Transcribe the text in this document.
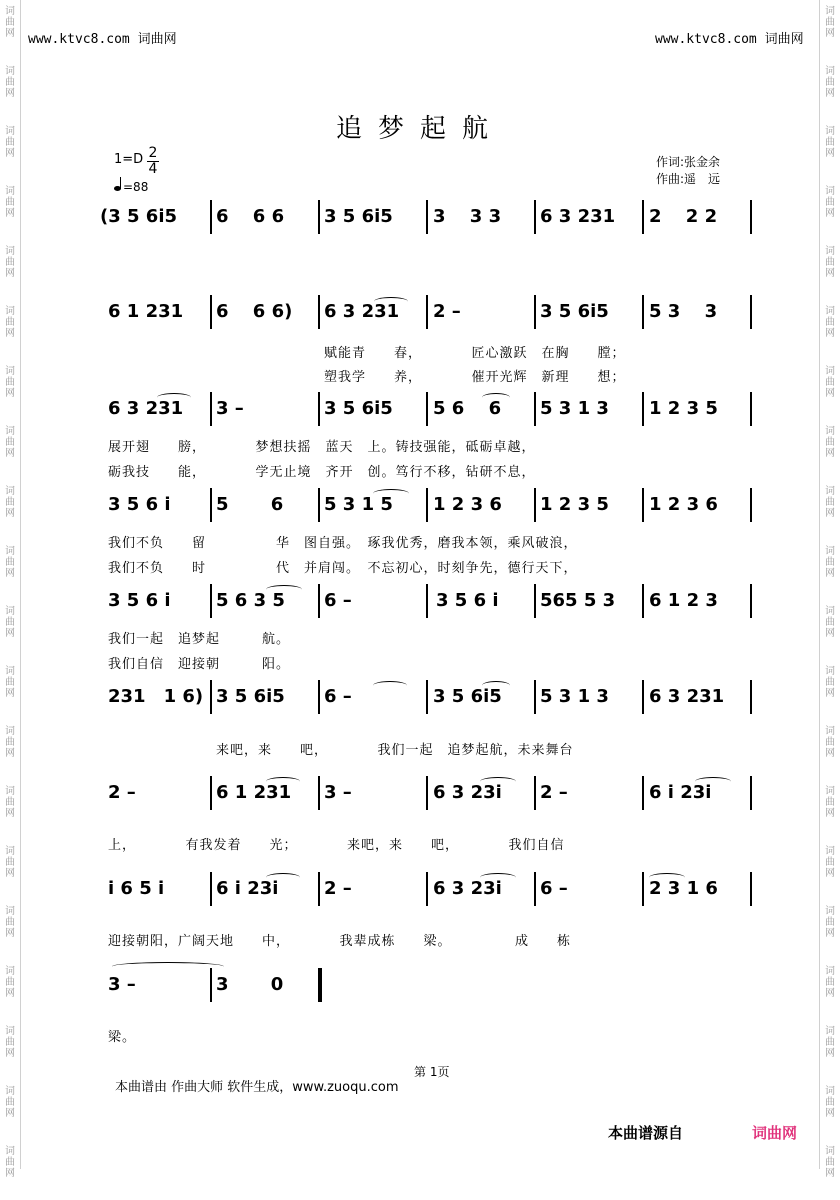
词
曲
网
词
曲
网
词
曲
网
词
曲
网
词
曲
网
词
曲
网
词
曲
网
词
曲
网
词
曲
网
词
曲
网
词
曲
网
词
曲
网
词
曲
网
词
曲
网
词
曲
网
词
曲
网
词
曲
网
词
曲
网
词
曲
网
词
曲
网
词
曲
网
词
曲
网
词
曲
网
词
曲
网
词
曲
网
词
曲
网
词
曲
网
词
曲
网
词
曲
网
词
曲
网
词
曲
网
词
曲
网
词
曲
网
词
曲
网
词
曲
网
词
曲
网
词
曲
网
词
曲
网
词
曲
网
词
曲
网
www.ktvc8.com 词曲网	www.ktvc8.com 词曲网
追梦起航
1=D 2
4
=88
作词:张金余
作曲:遥　远
(3 5 6i5 6　 6 6 3 5 6i5 3　 3 3 6 3 231 2　 2 2
6 1 231 6　 6 6) 6 3 231 2 –	3 5 6i5 5 3　 3
6 3 231 3 –	3 5 6i5 5 6　 6 5 3 1 3 1 2 3 5
3 5 6 i	5　　 6 5 3 1 5 1 2 3 6 1 2 3 5 1 2 3 6
3 5 6 i	5 6 3 5 6 –	3 5 6 i 565 5 3 6 1 2 3
231　1 6) 3 5 6i5 6 –	3 5 6i5 5 3 1 3 6 3 231
2 –	6 1 231 3 –	6 3 23i 2 –	6 i 23i
i 6 5 i	6 i 23i	2 –	6 3 23i 6 –	2 3 1 6
3 –	3　　 0
赋能青　　春，　　　　匠心激跃　在胸　　膛；
塑我学　　养，　　　　催开光辉　新理　　想；
展开翅　　膀，　　　　梦想扶摇　蓝天　上。铸技强能，砥砺卓越，
砺我技　　能，　　　　学无止境　齐开　创。笃行不移，钻研不息，
我们不负　　留　　　　　华　图自强。　琢我优秀，磨我本领，乘风破浪，
我们不负　　时　　　　　代　并肩闯。　不忘初心，时刻争先，德行天下，
我们一起　追梦起　　　航。
我们自信　迎接朝　　　阳。
来吧，来　　吧，　　　　我们一起　追梦起航，未来舞台
上，　　　　有我发着　　光；　　　　来吧，来　　吧，　　　　我们自信
迎接朝阳，广阔天地　　中，　　　　我辈成栋　　梁。　　　　　成　　栋
梁。
第 1页
本曲谱由 作曲大师 软件生成，www.zuoqu.com
本曲谱源自	词曲网
